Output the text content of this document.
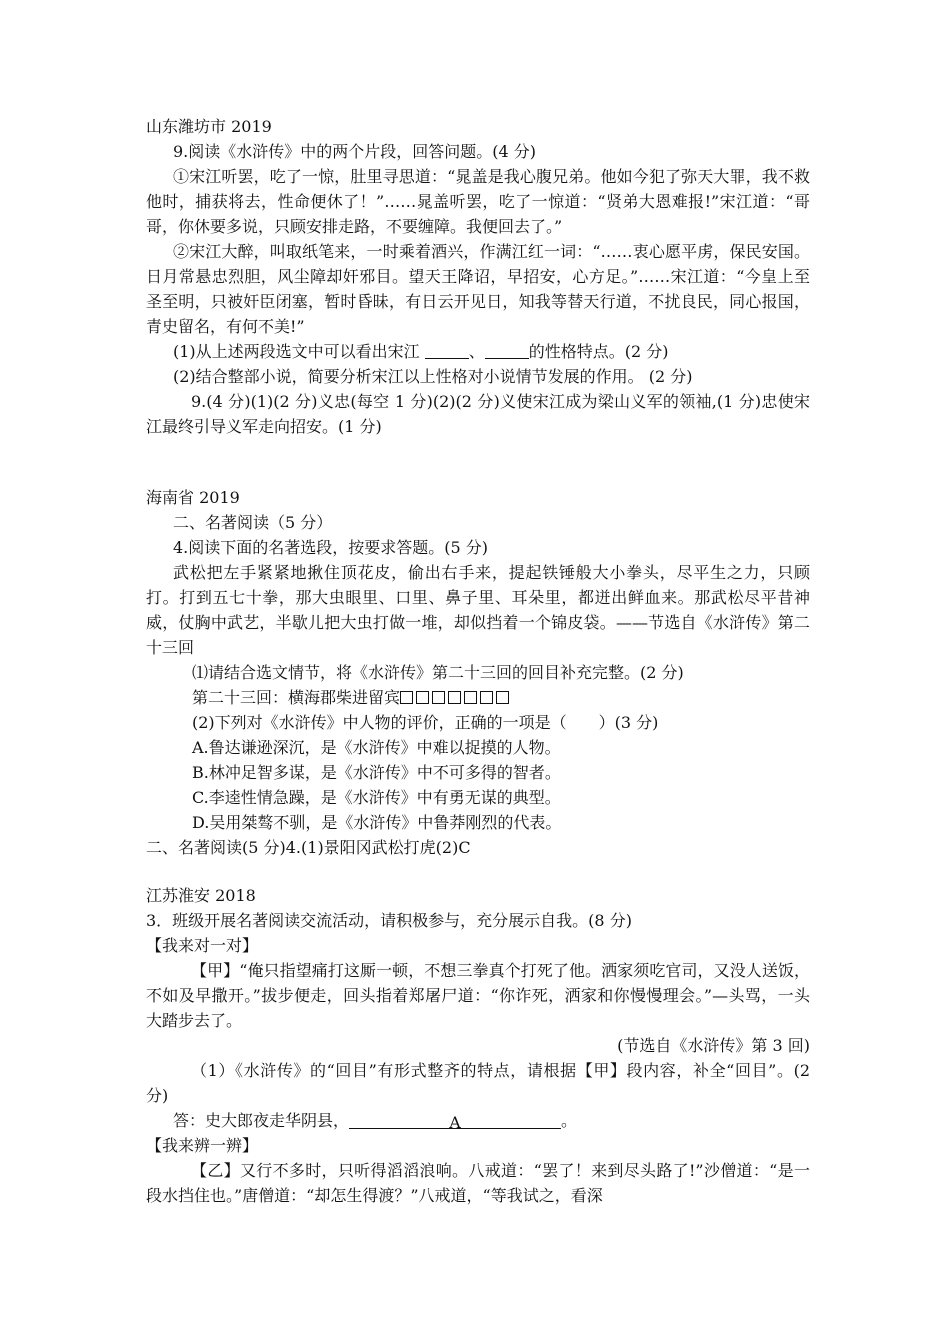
山东潍坊市 2019
9.阅读《水浒传》中的两个片段，回答问题。(4 分)
①宋江听罢，吃了一惊，肚里寻思道：“晁盖是我心腹兄弟。他如今犯了弥天大罪，我不救他时，捕获将去，性命便休了！”……晁盖听罢，吃了一惊道：“贤弟大恩难报!”宋江道：“哥哥，你休要多说，只顾安排走路，不要缠障。我便回去了。”
②宋江大醉，叫取纸笔来，一时乘着酒兴，作满江红一词：“……衷心愿平虏，保民安国。日月常悬忠烈胆，风尘障却奸邪目。望天王降诏，早招安，心方足。”……宋江道：“今皇上至圣至明，只被奸臣闭塞，暂时昏昧，有日云开见日，知我等替天行道，不扰良民，同心报国，青史留名，有何不美!”
(1)从上述两段选文中可以看出宋江	、	的性格特点。(2 分)
(2)结合整部小说，简要分析宋江以上性格对小说情节发展的作用。 (2 分)
9.(4 分)(1)(2 分)义忠(每空 1 分)(2)(2 分)义使宋江成为梁山义军的领袖,(1 分)忠使宋江最终引导义军走向招安。(1 分)
海南省 2019
二、名著阅读（5 分）
4.阅读下面的名著选段，按要求答题。(5 分)
武松把左手紧紧地揪住顶花皮，偷出右手来，提起铁锤般大小拳头，尽平生之力，只顾打。打到五七十拳，那大虫眼里、口里、鼻子里、耳朵里，都迸出鲜血来。那武松尽平昔神威，仗胸中武艺，半歇儿把大虫打做一堆，却似挡着一个锦皮袋。——节选自《水浒传》第二十三回
⑴请结合选文情节，将《水浒传》第二十三回的回目补充完整。(2 分)
第二十三回：横海郡柴进留宾
(2)下列对《水浒传》中人物的评价，正确的一项是（　　）(3 分)
A.鲁达谦逊深沉，是《水浒传》中难以捉摸的人物。
B.林冲足智多谋，是《水浒传》中不可多得的智者。
C.李逵性情急躁，是《水浒传》中有勇无谋的典型。
D.吴用桀骜不驯，是《水浒传》中鲁莽刚烈的代表。
二、名著阅读(5 分)4.(1)景阳冈武松打虎(2)C
江苏淮安 2018
3．班级开展名著阅读交流活动，请积极参与，充分展示自我。(8 分)
【我来对一对】
【甲】“俺只指望痛打这厮一顿，不想三拳真个打死了他。洒家须吃官司，又没人送饭，不如及早撒开。”拔步便走，回头指着郑屠尸道：“你诈死，洒家和你慢慢理会。”—头骂，一头大踏步去了。
(节选自《水浒传》第 3 回)
（1）《水浒传》的“回目”有形式整齐的特点，请根据【甲】段内容，补全“回目”。(2 分)
答：史大郎夜走华阴县，	A	。
【我来辨一辨】
【乙】又行不多时，只听得滔滔浪响。八戒道：“罢了！来到尽头路了!”沙僧道：“是一段水挡住也。”唐僧道：“却怎生得渡？”八戒道，“等我试之，看深
